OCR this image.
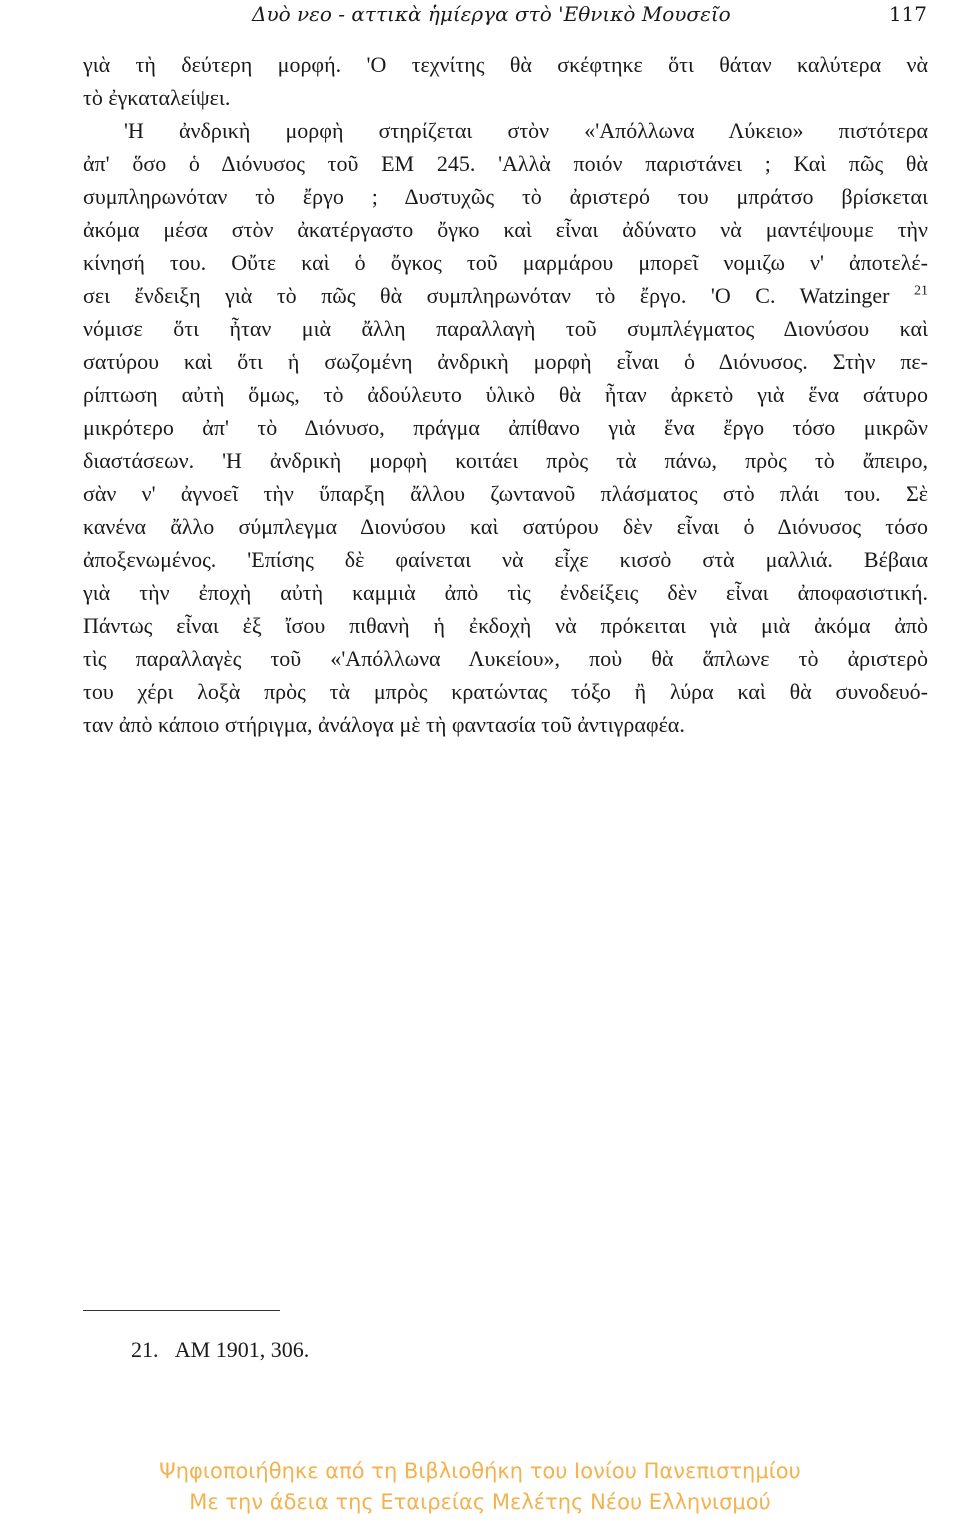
Δυὸ νεο - αττικὰ ἡμίεργα στὸ 'Εθνικὸ Μουσεῖο	117
γιὰ τὴ δεύτερη μορφή. 'Ο τεχνίτης θὰ σκέφτηκε ὅτι θάταν καλύτερα νὰ
τὸ ἐγκαταλείψει.
'Η ἀνδρικὴ μορφὴ στηρίζεται στὸν «'Απόλλωνα Λύκειο» πιστότερα
ἀπ' ὅσο ὁ Διόνυσος τοῦ ΕΜ 245. 'Αλλὰ ποιόν παριστάνει ; Καὶ πῶς θὰ
συμπληρωνόταν τὸ ἔργο ; Δυστυχῶς τὸ ἀριστερό του μπράτσο βρίσκεται
ἀκόμα μέσα στὸν ἀκατέργαστο ὄγκο καὶ εἶναι ἀδύνατο νὰ μαντέψουμε τὴν
κίνησή του. Οὔτε καὶ ὁ ὄγκος τοῦ μαρμάρου μπορεῖ νομιζω ν' ἀποτελέ-
σει ἔνδειξη γιὰ τὸ πῶς θὰ συμπληρωνόταν τὸ ἔργο. 'Ο C. Watzinger $^{21}$
νόμισε ὅτι ἦταν μιὰ ἄλλη παραλλαγὴ τοῦ συμπλέγματος Διονύσου καὶ
σατύρου καὶ ὅτι ἡ σωζομένη ἀνδρικὴ μορφὴ εἶναι ὁ Διόνυσος. Στὴν πε-
ρίπτωση αὐτὴ ὅμως, τὸ ἀδούλευτο ὑλικὸ θὰ ἦταν ἀρκετὸ γιὰ ἕνα σάτυρο
μικρότερο ἀπ' τὸ Διόνυσο, πράγμα ἀπίθανο γιὰ ἕνα ἔργο τόσο μικρῶν
διαστάσεων. 'Η ἀνδρικὴ μορφὴ κοιτάει πρὸς τὰ πάνω, πρὸς τὸ ἄπειρο,
σὰν ν' ἀγνοεῖ τὴν ὕπαρξη ἄλλου ζωντανοῦ πλάσματος στὸ πλάι του. Σὲ
κανένα ἄλλο σύμπλεγμα Διονύσου καὶ σατύρου δὲν εἶναι ὁ Διόνυσος τόσο
ἀποξενωμένος. 'Επίσης δὲ φαίνεται νὰ εἶχε κισσὸ στὰ μαλλιά. Βέβαια
γιὰ τὴν ἐποχὴ αὐτὴ καμμιὰ ἀπὸ τὶς ἐνδείξεις δὲν εἶναι ἀποφασιστική.
Πάντως εἶναι ἐξ ἴσου πιθανὴ ἡ ἐκδοχὴ νὰ πρόκειται γιὰ μιὰ ἀκόμα ἀπὸ
τὶς παραλλαγὲς τοῦ «'Απόλλωνα Λυκείου», ποὺ θὰ ἅπλωνε τὸ ἀριστερὸ
του χέρι λοξὰ πρὸς τὰ μπρὸς κρατώντας τόξο ἢ λύρα καὶ θὰ συνοδευό-
ταν ἀπὸ κάποιο στήριγμα, ἀνάλογα μὲ τὴ φαντασία τοῦ ἀντιγραφέα.
21. AM 1901, 306.
Ψηφιοποιήθηκε από τη Βιβλιοθήκη του Ιονίου Πανεπιστημίου
Με την άδεια της Εταιρείας Μελέτης Νέου Ελληνισμού
